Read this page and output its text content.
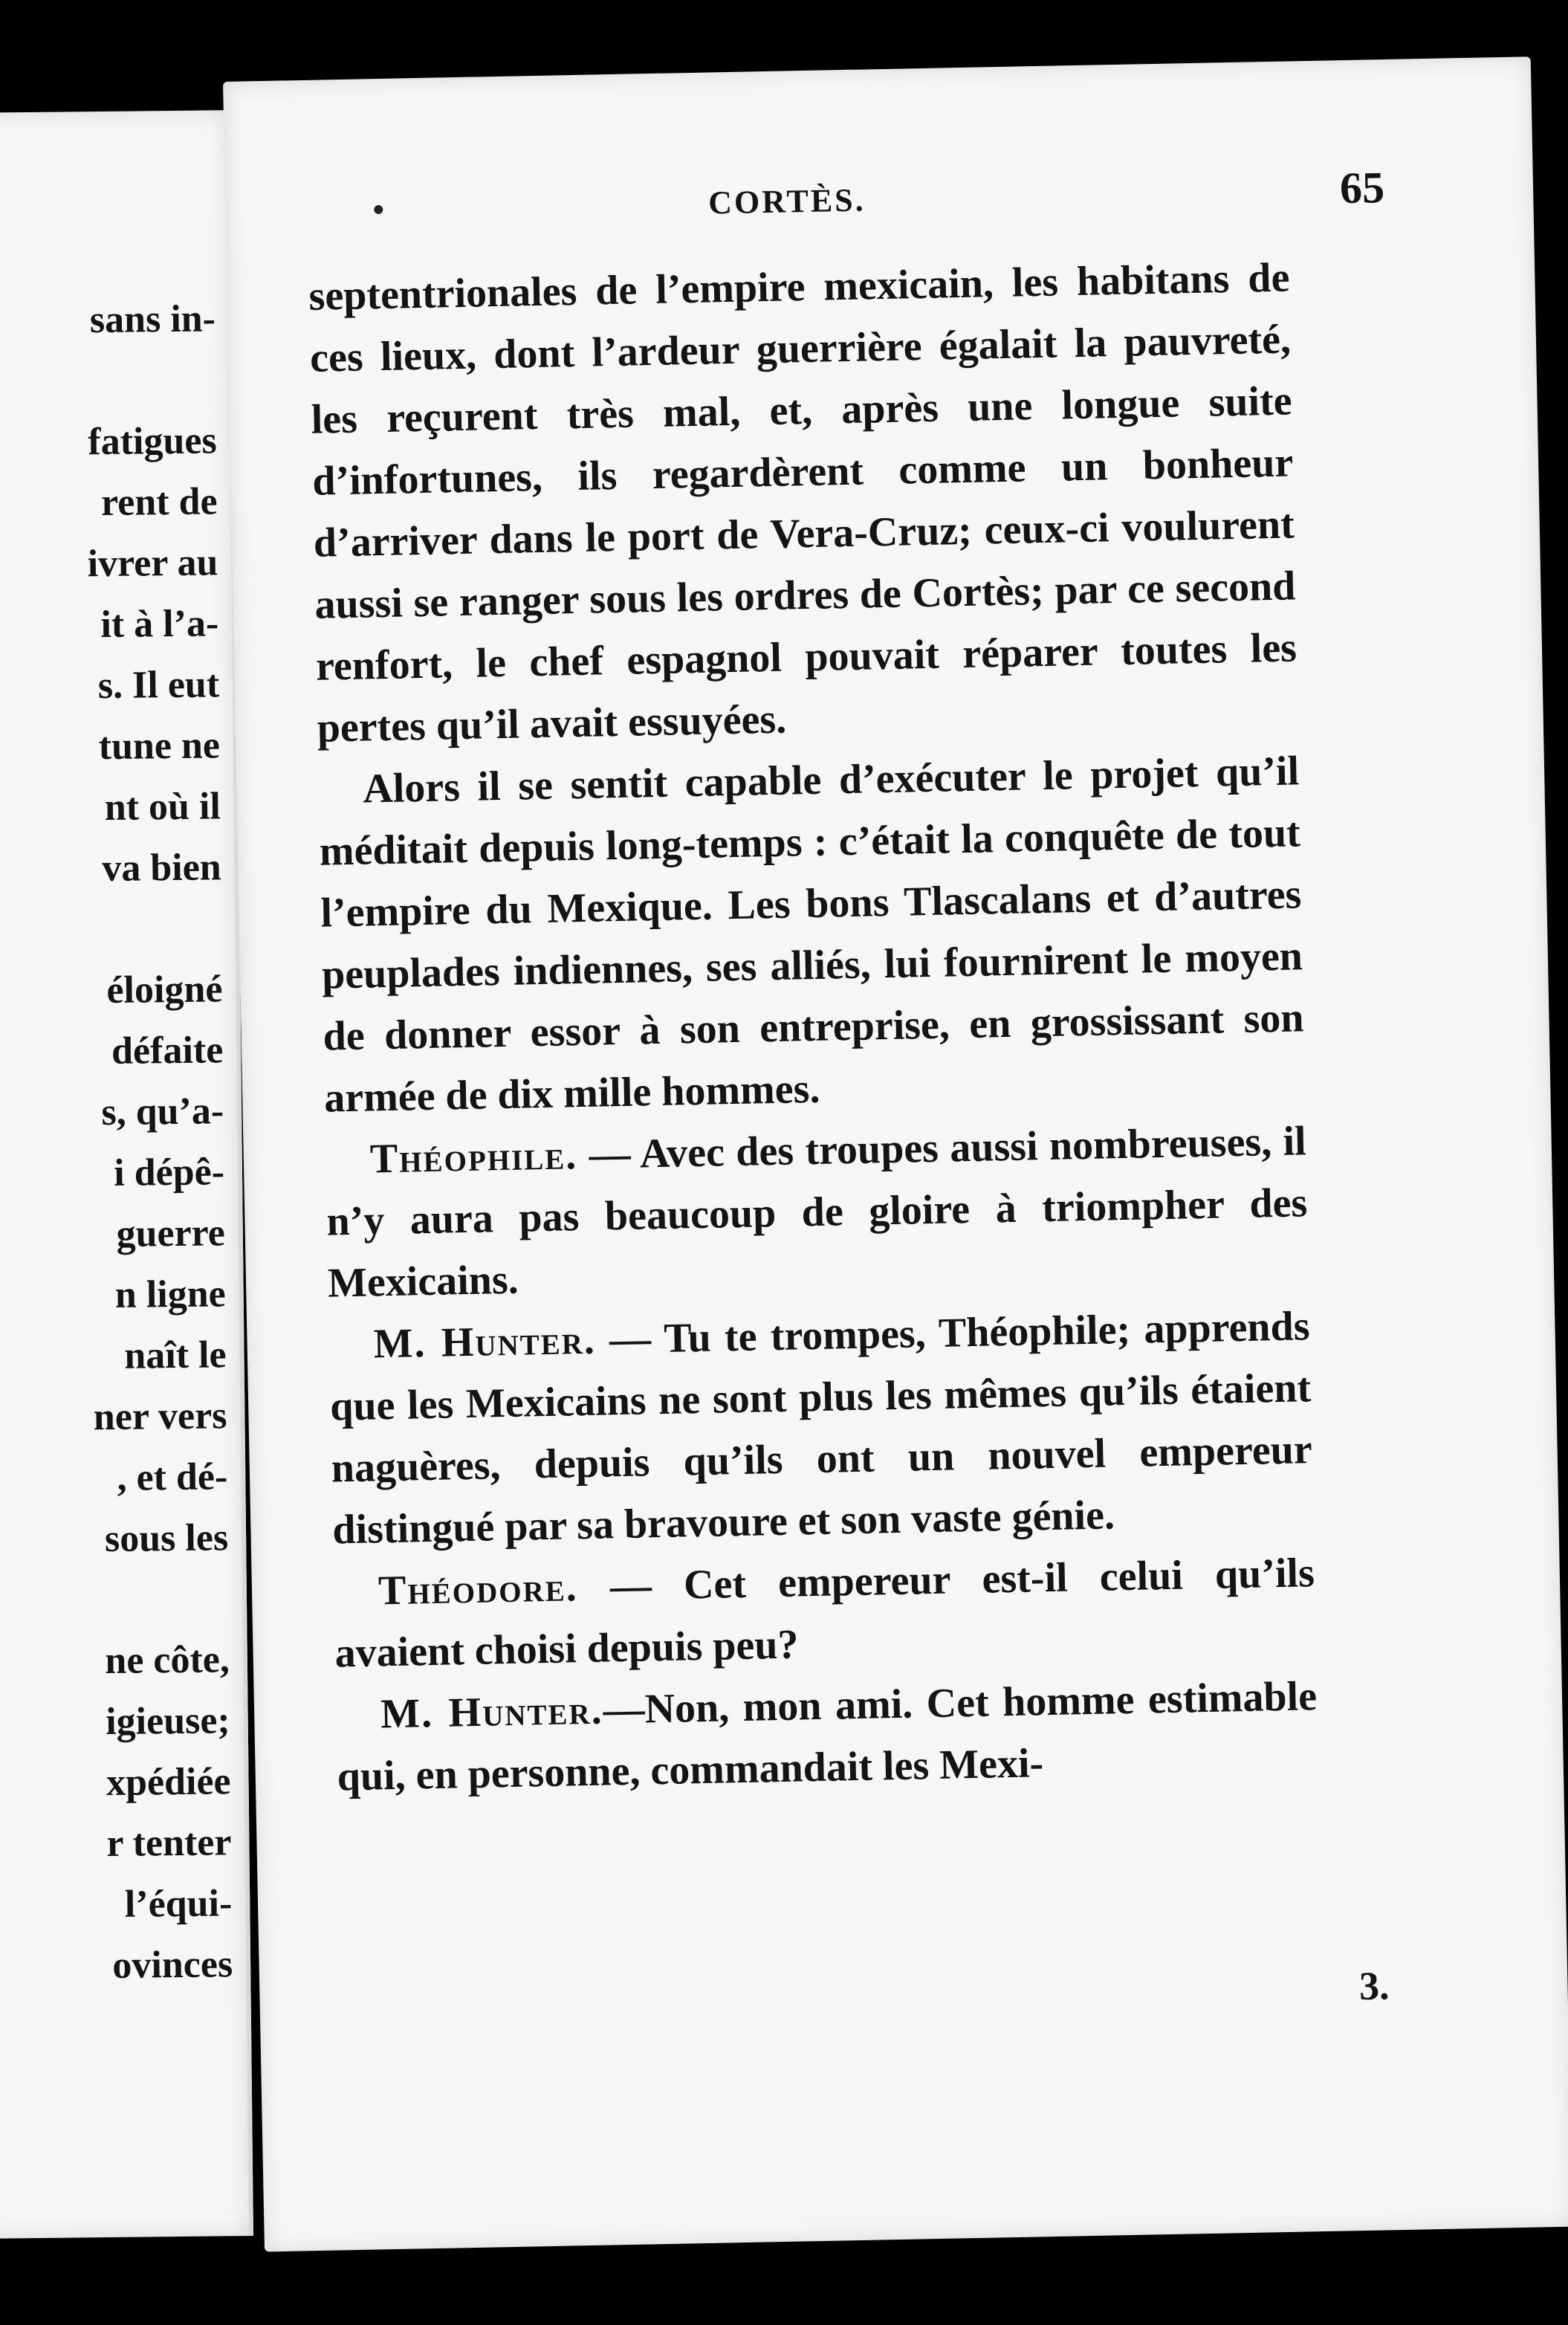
sans in-
fatigues
rent de
ivrer au
it à l’a-
s. Il eut
tune ne
nt où il
va bien
éloigné
défaite
s, qu’a-
i dépê-
guerre
n ligne
naît le
ner vers
, et dé-
sous les
ne côte,
igieuse;
xpédiée
r tenter
l’équi-
ovinces
CORTÈS.	65

septentrionales de l’empire mexicain, les habitans de ces lieux, dont l’ardeur guerrière égalait la pauvreté, les reçurent très mal, et, après une longue suite d’infortunes, ils regardèrent comme un bonheur d’arriver dans le port de Vera-Cruz; ceux-ci voulurent aussi se ranger sous les ordres de Cortès; par ce second renfort, le chef espagnol pouvait réparer toutes les pertes qu’il avait essuyées.

Alors il se sentit capable d’exécuter le projet qu’il méditait depuis long-temps : c’était la conquête de tout l’empire du Mexique. Les bons Tlascalans et d’autres peuplades indiennes, ses alliés, lui fournirent le moyen de donner essor à son entreprise, en grossissant son armée de dix mille hommes.

Théophile. — Avec des troupes aussi nombreuses, il n’y aura pas beaucoup de gloire à triompher des Mexicains.

M. Hunter. — Tu te trompes, Théophile; apprends que les Mexicains ne sont plus les mêmes qu’ils étaient naguères, depuis qu’ils ont un nouvel empereur distingué par sa bravoure et son vaste génie.

Théodore. — Cet empereur est-il celui qu’ils avaient choisi depuis peu?

M. Hunter.—Non, mon ami. Cet homme estimable qui, en personne, commandait les Mexi-

3.
